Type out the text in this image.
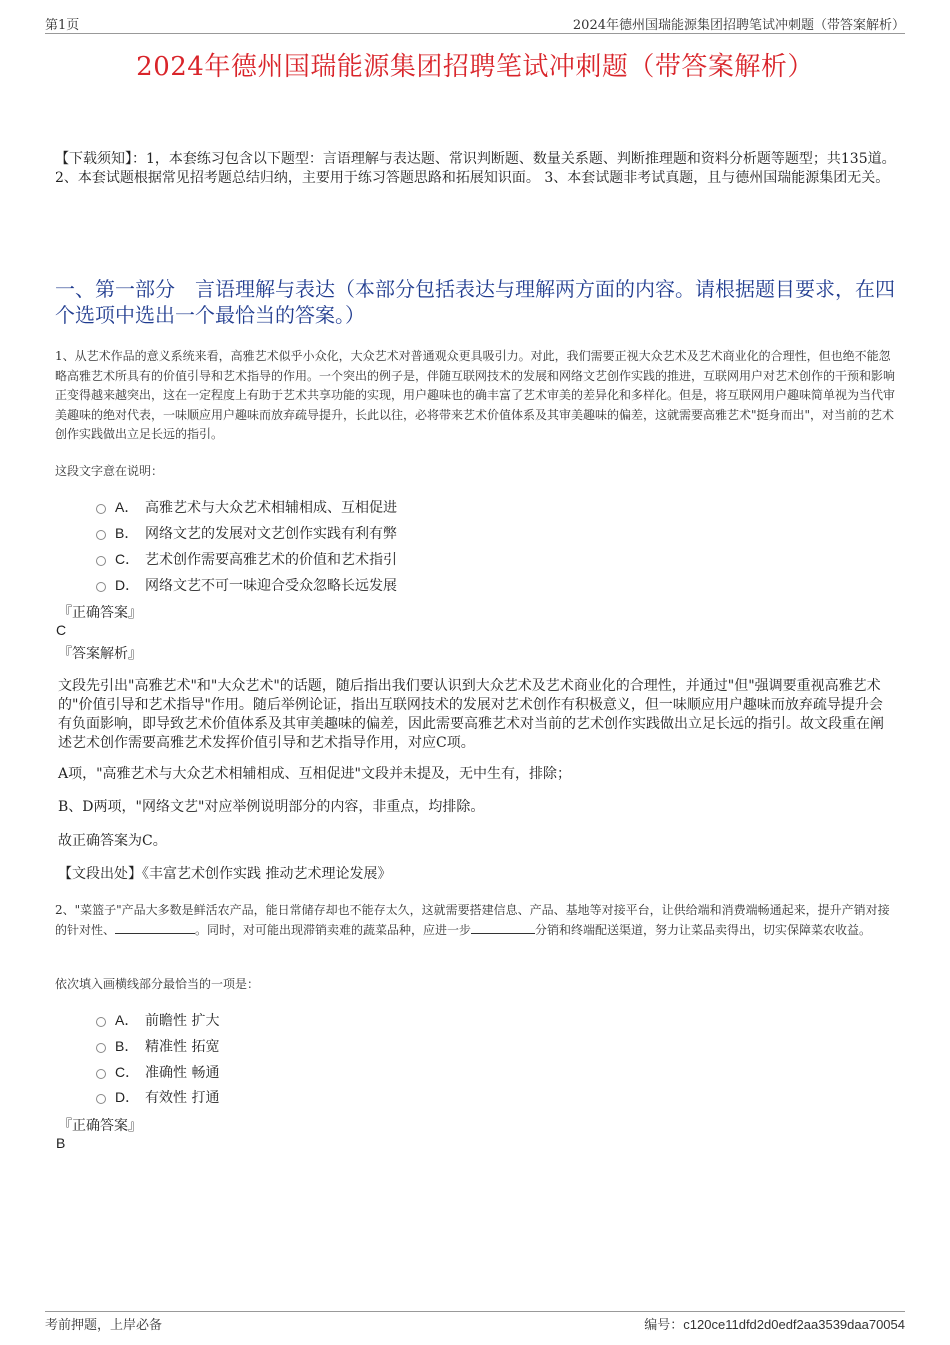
第1页	2024年德州国瑞能源集团招聘笔试冲刺题（带答案解析）
2024年德州国瑞能源集团招聘笔试冲刺题（带答案解析）
【下载须知】：1，本套练习包含以下题型：言语理解与表达题、常识判断题、数量关系题、判断推理题和资料分析题等题型；共135道。 2、本套试题根据常见招考题总结归纳，主要用于练习答题思路和拓展知识面。 3、本套试题非考试真题，且与德州国瑞能源集团无关。
一、第一部分　言语理解与表达（本部分包括表达与理解两方面的内容。请根据题目要求，在四个选项中选出一个最恰当的答案。）
1、从艺术作品的意义系统来看，高雅艺术似乎小众化，大众艺术对普通观众更具吸引力。对此，我们需要正视大众艺术及艺术商业化的合理性，但也绝不能忽略高雅艺术所具有的价值引导和艺术指导的作用。一个突出的例子是，伴随互联网技术的发展和网络文艺创作实践的推进，互联网用户对艺术创作的干预和影响正变得越来越突出，这在一定程度上有助于艺术共享功能的实现，用户趣味也的确丰富了艺术审美的差异化和多样化。但是，将互联网用户趣味简单视为当代审美趣味的绝对代表，一味顺应用户趣味而放弃疏导提升，长此以往，必将带来艺术价值体系及其审美趣味的偏差，这就需要高雅艺术"挺身而出"，对当前的艺术创作实践做出立足长远的指引。
这段文字意在说明：
A． 高雅艺术与大众艺术相辅相成、互相促进
B． 网络文艺的发展对文艺创作实践有利有弊
C． 艺术创作需要高雅艺术的价值和艺术指引
D． 网络文艺不可一味迎合受众忽略长远发展
『正确答案』
C
『答案解析』
文段先引出"高雅艺术"和"大众艺术"的话题，随后指出我们要认识到大众艺术及艺术商业化的合理性，并通过"但"强调要重视高雅艺术的"价值引导和艺术指导"作用。随后举例论证，指出互联网技术的发展对艺术创作有积极意义，但一味顺应用户趣味而放弃疏导提升会有负面影响，即导致艺术价值体系及其审美趣味的偏差，因此需要高雅艺术对当前的艺术创作实践做出立足长远的指引。故文段重在阐述艺术创作需要高雅艺术发挥价值引导和艺术指导作用，对应C项。
A项，"高雅艺术与大众艺术相辅相成、互相促进"文段并未提及，无中生有，排除；
B、D两项，"网络文艺"对应举例说明部分的内容，非重点，均排除。
故正确答案为C。
【文段出处】《丰富艺术创作实践 推动艺术理论发展》
2、"菜篮子"产品大多数是鲜活农产品，能日常储存却也不能存太久，这就需要搭建信息、产品、基地等对接平台，让供给端和消费端畅通起来，提升产销对接的针对性、	。同时，对可能出现滞销卖难的蔬菜品种，应进一步	分销和终端配送渠道，努力让菜品卖得出，切实保障菜农收益。
依次填入画横线部分最恰当的一项是：
A． 前瞻性 扩大
B． 精准性 拓宽
C． 准确性 畅通
D． 有效性 打通
『正确答案』
B
考前押题，上岸必备	编号：c120ce11dfd2d0edf2aa3539daa70054
